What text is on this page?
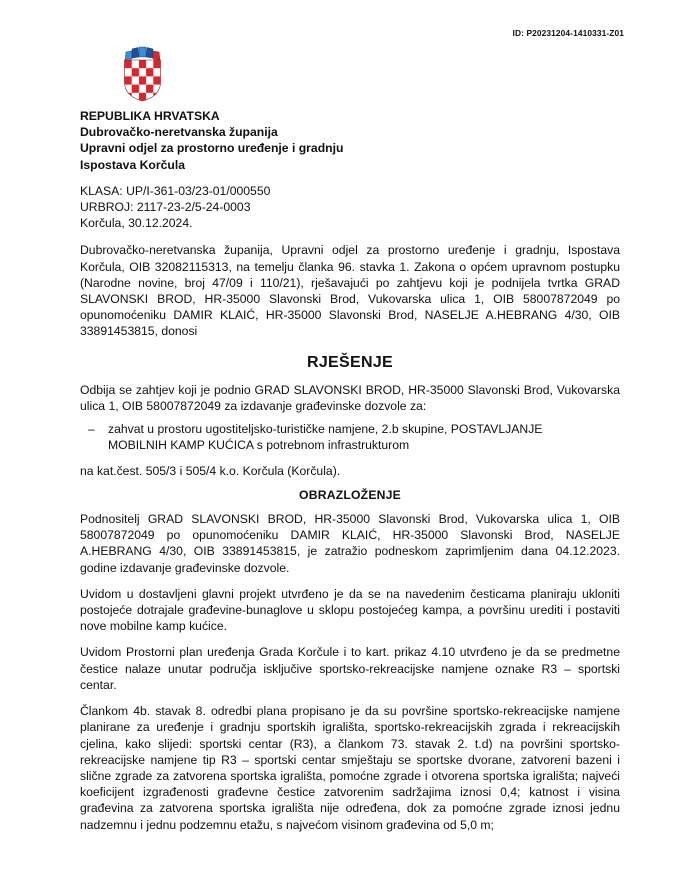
ID: P20231204-1410331-Z01
REPUBLIKA HRVATSKA
Dubrovačko-neretvanska županija
Upravni odjel za prostorno uređenje i gradnju
Ispostava Korčula
KLASA: UP/I-361-03/23-01/000550
URBROJ: 2117-23-2/5-24-0003
Korčula, 30.12.2024.

Dubrovačko-neretvanska županija, Upravni odjel za prostorno uređenje i gradnju, Ispostava Korčula, OIB 32082115313, na temelju članka 96. stavka 1. Zakona o općem upravnom postupku (Narodne novine, broj 47/09 i 110/21), rješavajući po zahtjevu koji je podnijela tvrtka GRAD SLAVONSKI BROD, HR-35000 Slavonski Brod, Vukovarska ulica 1, OIB 58007872049 po opunomoćeniku DAMIR KLAIĆ, HR-35000 Slavonski Brod, NASELJE A.HEBRANG 4/30, OIB 33891453815, donosi

RJEŠENJE

Odbija se zahtjev koji je podnio GRAD SLAVONSKI BROD, HR-35000 Slavonski Brod, Vukovarska ulica 1, OIB 58007872049 za izdavanje građevinske dozvole za:

–	zahvat u prostoru ugostiteljsko-turističke namjene, 2.b skupine, POSTAVLJANJE
MOBILNIH KAMP KUĆICA s potrebnom infrastrukturom

na kat.čest. 505/3 i 505/4 k.o. Korčula (Korčula).

OBRAZLOŽENJE

Podnositelj GRAD SLAVONSKI BROD, HR-35000 Slavonski Brod, Vukovarska ulica 1, OIB 58007872049 po opunomoćeniku DAMIR KLAIĆ, HR-35000 Slavonski Brod, NASELJE A.HEBRANG 4/30, OIB 33891453815, je zatražio podneskom zaprimljenim dana 04.12.2023. godine izdavanje građevinske dozvole.

Uvidom u dostavljeni glavni projekt utvrđeno je da se na navedenim česticama planiraju ukloniti postojeće dotrajale građevine-bunaglove u sklopu postojećeg kampa, a površinu urediti i postaviti nove mobilne kamp kućice.

Uvidom Prostorni plan uređenja Grada Korčule i to kart. prikaz 4.10 utvrđeno je da se predmetne čestice nalaze unutar područja isključive sportsko-rekreacijske namjene oznake R3 – sportski centar.

Člankom 4b. stavak 8. odredbi plana propisano je da su površine sportsko-rekreacijske namjene planirane za uređenje i gradnju sportskih igrališta, sportsko-rekreacijskih zgrada i rekreacijskih cjelina, kako slijedi: sportski centar (R3), a člankom 73. stavak 2. t.d) na površini sportsko-rekreacijske namjene tip R3 – sportski centar smještaju se sportske dvorane, zatvoreni bazeni i slične zgrade za zatvorena sportska igrališta, pomoćne zgrade i otvorena sportska igrališta; najveći koeficijent izgrađenosti građevne čestice zatvorenim sadržajima iznosi 0,4; katnost i visina građevina za zatvorena sportska igrališta nije određena, dok za pomoćne zgrade iznosi jednu nadzemnu i jednu podzemnu etažu, s najvećom visinom građevina od 5,0 m;
